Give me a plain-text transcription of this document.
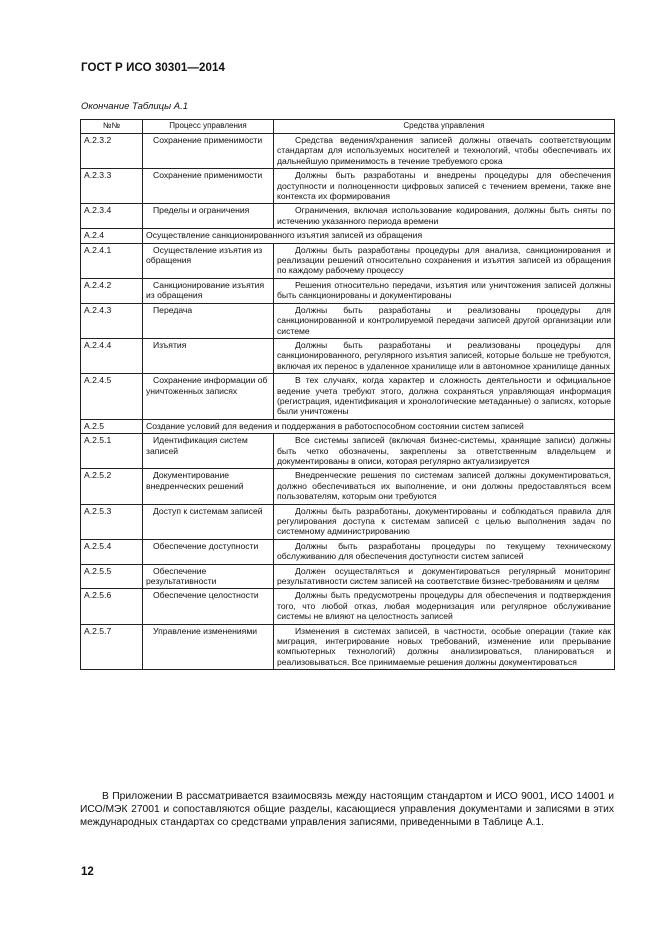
ГОСТ Р ИСО 30301—2014
Окончание Таблицы А.1
№№	Процесс управления	Средства управления
А.2.3.2	Сохранение применимости	Средства ведения/хранения записей должны отвечать соответствующим стандартам для используемых носителей и технологий, чтобы обеспечивать их дальнейшую применимость в течение требуемого срока

А.2.3.3	Сохранение применимости	Должны быть разработаны и внедрены процедуры для обеспечения доступности и полноценности цифровых записей с течением времени, также вне контекста их формирования

А.2.3.4	Пределы и ограничения	Ограничения, включая использование кодирования, должны быть сняты по истечению указанного периода времени

А.2.4	Осуществление санкционированного изъятия записей из обращения	
А.2.4.1	Осуществление изъятия из обращения	Должны быть разработаны процедуры для анализа, санкционирования и реализации решений относительно сохранения и изъятия записей из обращения по каждому рабочему процессу

А.2.4.2	Санкционирование изъятия из обращения	Решения относительно передачи, изъятия или уничтожения записей должны быть санкционированы и документированы

А.2.4.3	Передача	Должны быть разработаны и реализованы процедуры для санкционированной и контролируемой передачи записей другой организации или системе

А.2.4.4	Изъятия	Должны быть разработаны и реализованы процедуры для санкционированного, регулярного изъятия записей, которые больше не требуются, включая их перенос в удаленное хранилище или в автономное хранилище данных

А.2.4.5	Сохранение информации об уничтоженных записях	В тех случаях, когда характер и сложность деятельности и официальное ведение учета требуют этого, должна сохраняться управляющая информация (регистрация, идентификация и хронологические метаданные) о записях, которые были уничтожены

А.2.5	Создание условий для ведения и поддержания в работоспособном состоянии систем записей	
А.2.5.1	Идентификация систем записей	Все системы записей (включая бизнес-системы, хранящие записи) должны быть четко обозначены, закреплены за ответственным владельцем и документированы в описи, которая регулярно актуализируется

А.2.5.2	Документирование внедренческих решений	Внедренческие решения по системам записей должны документироваться, должно обеспечиваться их выполнение, и они должны предоставляться всем пользователям, которым они требуются

А.2.5.3	Доступ к системам записей	Должны быть разработаны, документированы и соблюдаться правила для регулирования доступа к системам записей с целью выполнения задач по системному администрированию

А.2.5.4	Обеспечение доступности	Должны быть разработаны процедуры по текущему техническому обслуживанию для обеспечения доступности систем записей

А.2.5.5	Обеспечение результативности	Должен осуществляться и документироваться регулярный мониторинг результативности систем записей на соответствие бизнес-требованиям и целям

А.2.5.6	Обеспечение целостности	Должны быть предусмотрены процедуры для обеспечения и подтверждения того, что любой отказ, любая модернизация или регулярное обслуживание системы не влияют на целостность записей

А.2.5.7	Управление изменениями	Изменения в системах записей, в частности, особые операции (такие как миграция, интегрирование новых требований, изменение или прерывание компьютерных технологий) должны анализироваться, планироваться и реализовываться. Все принимаемые решения должны документироваться
В Приложении В рассматривается взаимосвязь между настоящим стандартом и ИСО 9001, ИСО 14001 и ИСО/МЭК 27001 и сопоставляются общие разделы, касающиеся управления документами и записями в этих международных стандартах со средствами управления записями, приведенными в Таблице А.1.
12
